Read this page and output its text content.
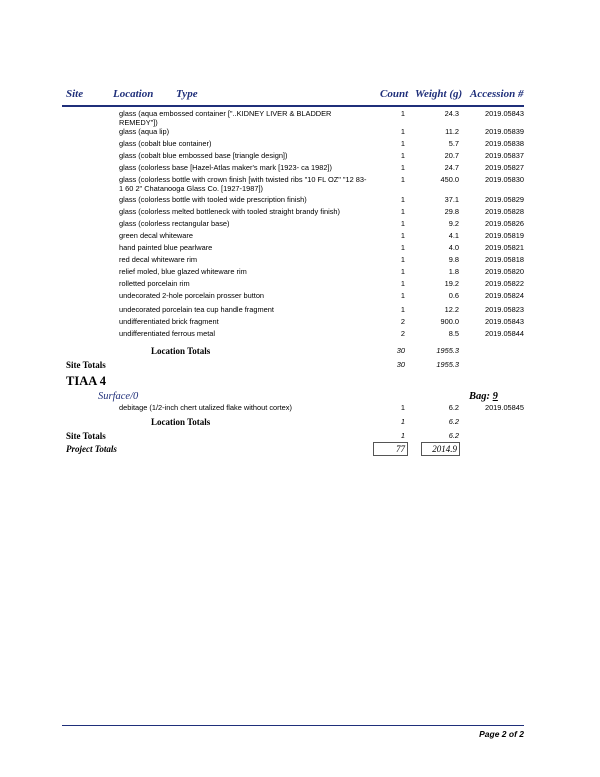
Site	Location Type	Count Weight (g) Accession #
glass (aqua embossed container ["..KIDNEY LIVER & BLADDER REMEDY"])
1	24.3	2019.05843
glass (aqua lip)	1	11.2	2019.05839
glass (cobalt blue container)	1	5.7	2019.05838
glass (cobalt blue embossed base [triangle design])	1	20.7	2019.05837
glass (colorless base [Hazel-Atlas maker's mark [1923- ca 1982])	1	24.7	2019.05827
glass (colorless bottle with crown finish [with twisted ribs "10 FL OZ" "12 83-1 60 2" Chatanooga Glass Co. [1927-1987])
1	450.0	2019.05830
glass (colorless bottle with tooled wide prescription finish)	1	37.1	2019.05829
glass (colorless melted bottleneck with tooled straight brandy finish)	1	29.8	2019.05828
glass (colorless rectangular base)	1	9.2	2019.05826
green decal whiteware	1	4.1	2019.05819
hand painted blue pearlware	1	4.0	2019.05821
red decal whiteware rim	1	9.8	2019.05818
relief moled, blue glazed whiteware rim	1	1.8	2019.05820
rolletted porcelain rim	1	19.2	2019.05822
undecorated 2-hole porcelain prosser button	1	0.6	2019.05824
undecorated porcelain tea cup handle fragment	1	12.2	2019.05823
undifferentiated brick fragment	2	900.0	2019.05843
undifferentiated ferrous metal	2	8.5	2019.05844
Location Totals	30	1955.3
Site Totals	30	1955.3
TIAA 4
Surface/0	Bag: 9
debitage (1/2-inch chert utalized flake without cortex)	1	6.2	2019.05845
Location Totals	1	6.2
Site Totals	1	6.2
Project Totals	77	2014.9
Page 2 of 2
